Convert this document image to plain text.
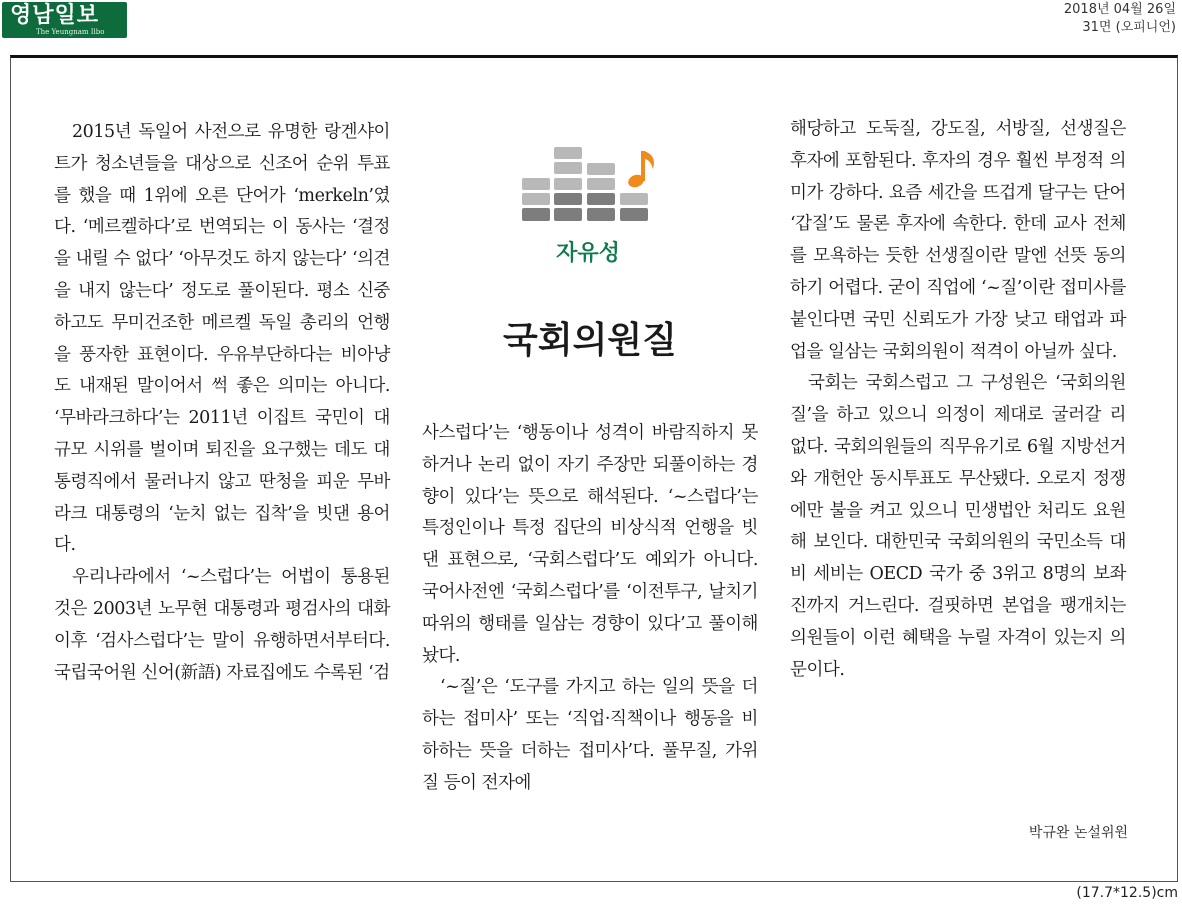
영남일보
The Yeungnam Ilbo
2018년 04월 26일
31면 (오피니언)
자유성
국회의원질

2015년 독일어 사전으로 유명한 랑겐샤이트가 청소년들을 대상으로 신조어 순위 투표를 했을 때 1위에 오른 단어가 ‘merkeln’였다. ‘메르켈하다’로 번역되는 이 동사는 ‘결정을 내릴 수 없다’ ‘아무것도 하지 않는다’ ‘의견을 내지 않는다’ 정도로 풀이된다. 평소 신중하고도 무미건조한 메르켈 독일 총리의 언행을 풍자한 표현이다. 우유부단하다는 비아냥도 내재된 말이어서 썩 좋은 의미는 아니다. ‘무바라크하다’는 2011년 이집트 국민이 대규모 시위를 벌이며 퇴진을 요구했는 데도 대통령직에서 물러나지 않고 딴청을 피운 무바라크 대통령의 ‘눈치 없는 집착’을 빗댄 용어다.

우리나라에서 ‘~스럽다’는 어법이 통용된 것은 2003년 노무현 대통령과 평검사의 대화 이후 ‘검사스럽다’는 말이 유행하면서부터다. 국립국어원 신어(新語) 자료집에도 수록된 ‘검

사스럽다’는 ‘행동이나 성격이 바람직하지 못하거나 논리 없이 자기 주장만 되풀이하는 경향이 있다’는 뜻으로 해석된다. ‘~스럽다’는 특정인이나 특정 집단의 비상식적 언행을 빗댄 표현으로, ‘국회스럽다’도 예외가 아니다. 국어사전엔 ‘국회스럽다’를 ‘이전투구, 날치기 따위의 행태를 일삼는 경향이 있다’고 풀이해 놨다.

‘~질’은 ‘도구를 가지고 하는 일의 뜻을 더하는 접미사’ 또는 ‘직업·직책이나 행동을 비하하는 뜻을 더하는 접미사’다. 풀무질, 가위질 등이 전자에

해당하고 도둑질, 강도질, 서방질, 선생질은 후자에 포함된다. 후자의 경우 훨씬 부정적 의미가 강하다. 요즘 세간을 뜨겁게 달구는 단어 ‘갑질’도 물론 후자에 속한다. 한데 교사 전체를 모욕하는 듯한 선생질이란 말엔 선뜻 동의하기 어렵다. 굳이 직업에 ‘~질’이란 접미사를 붙인다면 국민 신뢰도가 가장 낮고 태업과 파업을 일삼는 국회의원이 적격이 아닐까 싶다.

국회는 국회스럽고 그 구성원은 ‘국회의원질’을 하고 있으니 의정이 제대로 굴러갈 리 없다. 국회의원들의 직무유기로 6월 지방선거와 개헌안 동시투표도 무산됐다. 오로지 정쟁에만 불을 켜고 있으니 민생법안 처리도 요원해 보인다. 대한민국 국회의원의 국민소득 대비 세비는 OECD 국가 중 3위고 8명의 보좌진까지 거느린다. 걸핏하면 본업을 팽개치는 의원들이 이런 혜택을 누릴 자격이 있는지 의문이다.

박규완 논설위원
(17.7*12.5)cm
